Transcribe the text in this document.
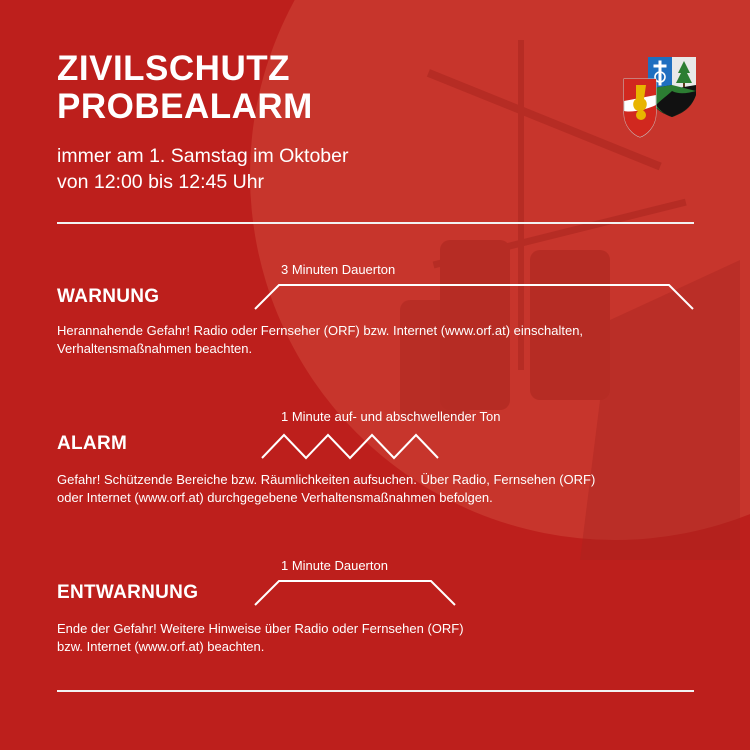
ZIVILSCHUTZ
PROBEALARM
immer am 1. Samstag im Oktober
von 12:00 bis 12:45 Uhr
3 Minuten Dauerton
WARNUNG
Herannahende Gefahr! Radio oder Fernseher (ORF) bzw. Internet (www.orf.at) einschalten,
Verhaltensmaßnahmen beachten.
1 Minute auf- und abschwellender Ton
ALARM
Gefahr! Schützende Bereiche bzw. Räumlichkeiten aufsuchen. Über Radio, Fernsehen (ORF)
oder Internet (www.orf.at) durchgegebene Verhaltensmaßnahmen befolgen.
1 Minute Dauerton
ENTWARNUNG
Ende der Gefahr! Weitere Hinweise über Radio oder Fernsehen (ORF)
bzw. Internet (www.orf.at) beachten.
